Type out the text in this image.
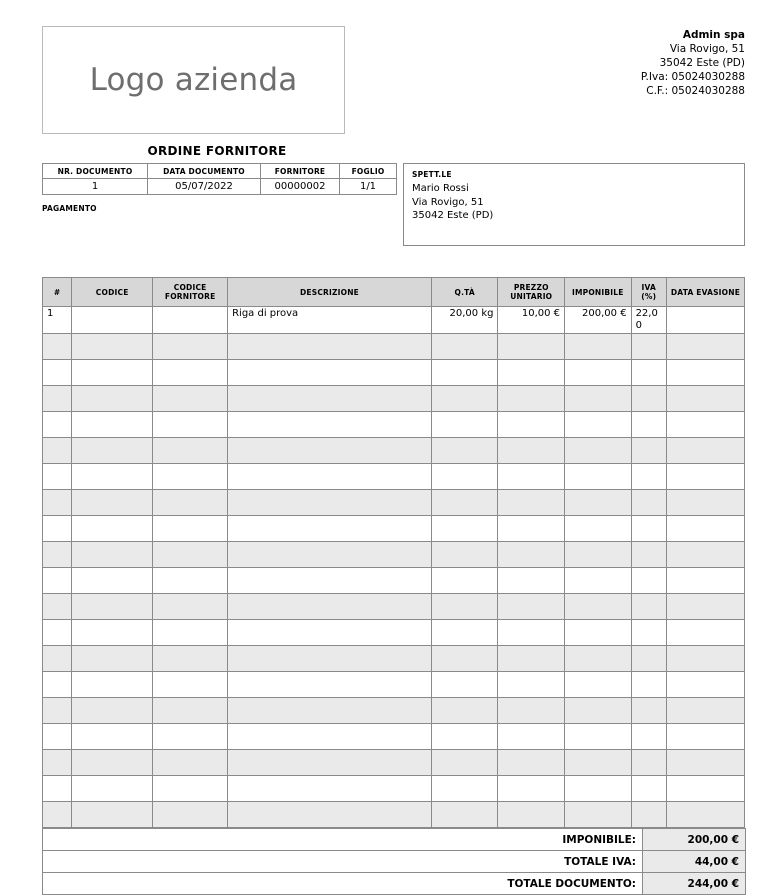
Logo azienda
Admin spa
Via Rovigo, 51
35042 Este (PD)
P.Iva: 05024030288
C.F.: 05024030288
ORDINE FORNITORE
NR. DOCUMENTO	DATA DOCUMENTO	FORNITORE	FOGLIO
1	05/07/2022	00000002	1/1
PAGAMENTO
SPETT.LE
Mario Rossi
Via Rovigo, 51
35042 Este (PD)
#	CODICE	CODICE FORNITORE	DESCRIZIONE	Q.TÀ	PREZZO UNITARIO	IMPONIBILE	IVA (%)	DATA EVASIONE
1			Riga di prova	20,00 kg	10,00 €	200,00 €	22,00	

IMPONIBILE:	200,00 €
TOTALE IVA:	44,00 €
TOTALE DOCUMENTO:	244,00 €
